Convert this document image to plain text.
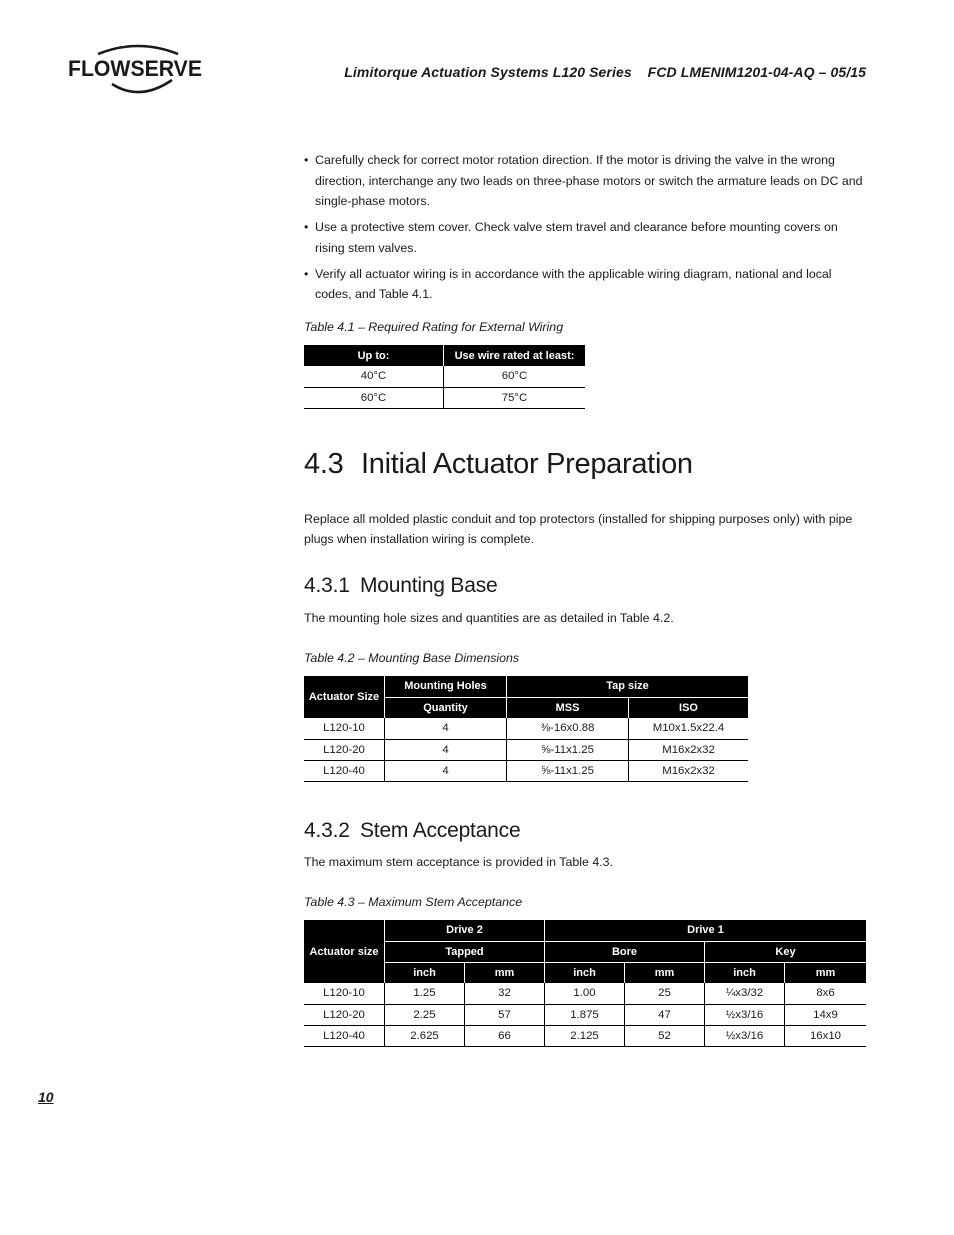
FLOWSERVE	Limitorque Actuation Systems L120 Series    FCD LMENIM1201-04-AQ – 05/15
• Carefully check for correct motor rotation direction. If the motor is driving the valve in the wrong direction, interchange any two leads on three-phase motors or switch the armature leads on DC and single-phase motors.
• Use a protective stem cover. Check valve stem travel and clearance before mounting covers on rising stem valves.
• Verify all actuator wiring is in accordance with the applicable wiring diagram, national and local codes, and Table 4.1.
Table 4.1 – Required Rating for External Wiring
Up to:	Use wire rated at least:
40°C	60°C
60°C	75°C
4.3 Initial Actuator Preparation

Replace all molded plastic conduit and top protectors (installed for shipping purposes only) with pipe plugs when installation wiring is complete.

4.3.1 Mounting Base

The mounting hole sizes and quantities are as detailed in Table 4.2.

Table 4.2 – Mounting Base Dimensions
Actuator Size	Mounting Holes	Tap size	
	Quantity	MSS	ISO
L120-10	4	⅜-16x0.88	M10x1.5x22.4
L120-20	4	⅝-11x1.25	M16x2x32
L120-40	4	⅝-11x1.25	M16x2x32
4.3.2 Stem Acceptance

The maximum stem acceptance is provided in Table 4.3.

Table 4.3 – Maximum Stem Acceptance
Actuator size	Drive 2		Drive 1			
	Tapped		Bore		Key	
	inch	mm	inch	mm	inch	mm
L120-10	1.25	32	1.00	25	¼x3/32	8x6
L120-20	2.25	57	1.875	47	½x3/16	14x9
L120-40	2.625	66	2.125	52	½x3/16	16x10
10
